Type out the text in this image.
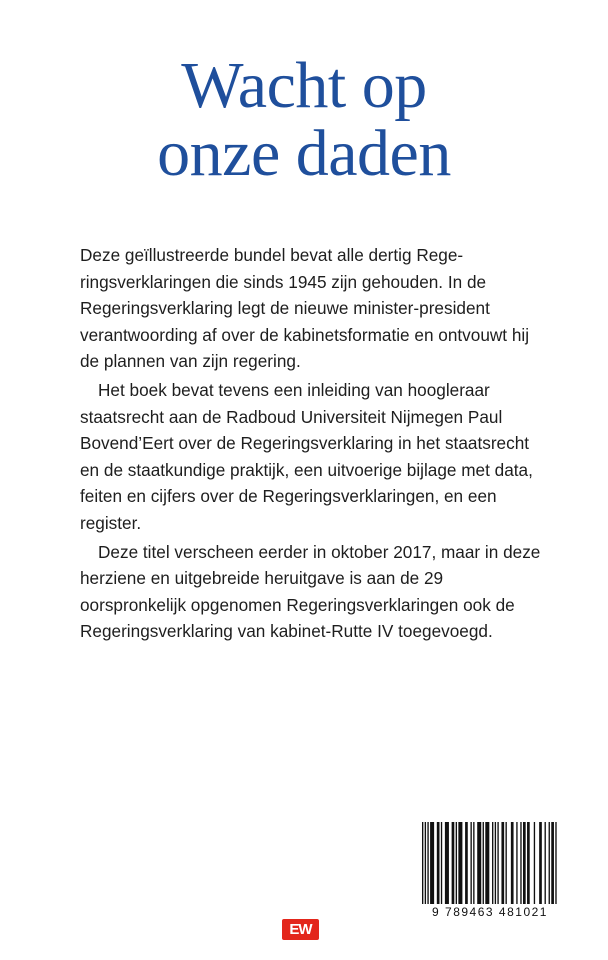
Wacht op
onze daden

Deze geïllustreerde bundel bevat alle dertig Regeringsverklaringen die sinds 1945 zijn gehouden. In de Regeringsverklaring legt de nieuwe minister-president verantwoording af over de kabinetsformatie en ontvouwt hij de plannen van zijn regering.

Het boek bevat tevens een inleiding van hoogleraar staatsrecht aan de Radboud Universiteit Nijmegen Paul Bovend’Eert over de Regeringsverklaring in het staatsrecht en de staatkundige praktijk, een uitvoerige bijlage met data, feiten en cijfers over de Regeringsverklaringen, en een register.

Deze titel verscheen eerder in oktober 2017, maar in deze herziene en uitgebreide heruitgave is aan de 29 oorspronkelijk opgenomen Regeringsverklaringen ook de Regeringsverklaring van kabinet-Rutte IV toegevoegd.

9 789463 481021
EW
